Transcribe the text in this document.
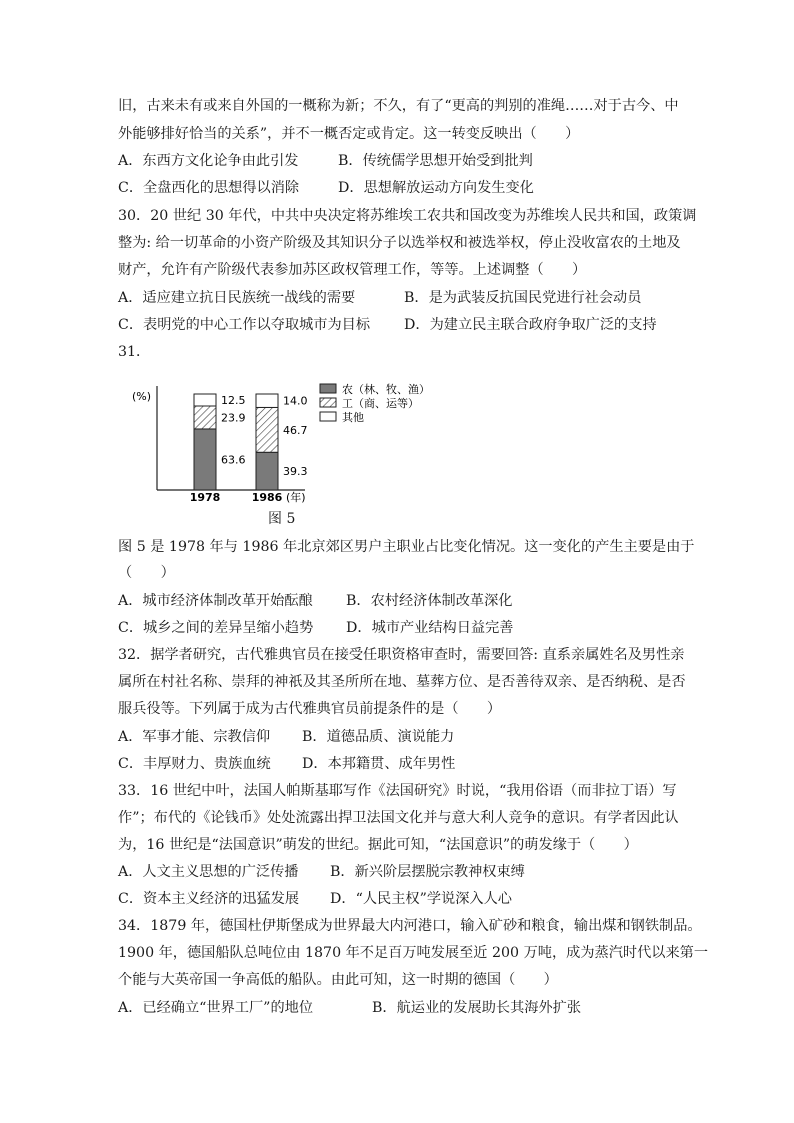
旧，古来未有或来自外国的一概称为新；不久，有了“更高的判别的准绳……对于古今、中
外能够排好恰当的关系”，并不一概否定或肯定。这一转变反映出（　　）
A．东西方文化论争由此引发	B．传统儒学思想开始受到批判
C．全盘西化的思想得以消除	D．思想解放运动方向发生变化
30．20 世纪 30 年代，中共中央决定将苏维埃工农共和国改变为苏维埃人民共和国，政策调
整为: 给一切革命的小资产阶级及其知识分子以选举权和被选举权，停止没收富农的土地及
财产，允许有产阶级代表参加苏区政权管理工作，等等。上述调整（　　）
A．适应建立抗日民族统一战线的需要	B．是为武装反抗国民党进行社会动员
C．表明党的中心工作以夺取城市为目标 D．为建立民主联合政府争取广泛的支持
31．
(%)
63.6
23.9
12.5
1978
39.3
46.7
14.0
1986 (年)
农（林、牧、渔）
工（商、运等）
其他
图 5
图 5 是 1978 年与 1986 年北京郊区男户主职业占比变化情况。这一变化的产生主要是由于
（　　）
A．城市经济体制改革开始酝酿 B．农村经济体制改革深化
C．城乡之间的差异呈缩小趋势 D．城市产业结构日益完善
32．据学者研究，古代雅典官员在接受任职资格审查时，需要回答: 直系亲属姓名及男性亲
属所在村社名称、崇拜的神祇及其圣所所在地、墓葬方位、是否善待双亲、是否纳税、是否
服兵役等。下列属于成为古代雅典官员前提条件的是（　　）
A．军事才能、宗教信仰 B．道德品质、演说能力
C．丰厚财力、贵族血统 D．本邦籍贯、成年男性
33．16 世纪中叶，法国人帕斯基耶写作《法国研究》时说，“我用俗语（而非拉丁语）写
作”；布代的《论钱币》处处流露出捍卫法国文化并与意大利人竞争的意识。有学者因此认
为，16 世纪是“法国意识”萌发的世纪。据此可知，“法国意识”的萌发缘于（　　）
A．人文主义思想的广泛传播 B．新兴阶层摆脱宗教神权束缚
C．资本主义经济的迅猛发展 D．“人民主权”学说深入人心
34．1879 年，德国杜伊斯堡成为世界最大内河港口，输入矿砂和粮食，输出煤和钢铁制品。
1900 年，德国船队总吨位由 1870 年不足百万吨发展至近 200 万吨，成为蒸汽时代以来第一
个能与大英帝国一争高低的船队。由此可知，这一时期的德国（　　）
A．已经确立“世界工厂”的地位	B．航运业的发展助长其海外扩张
